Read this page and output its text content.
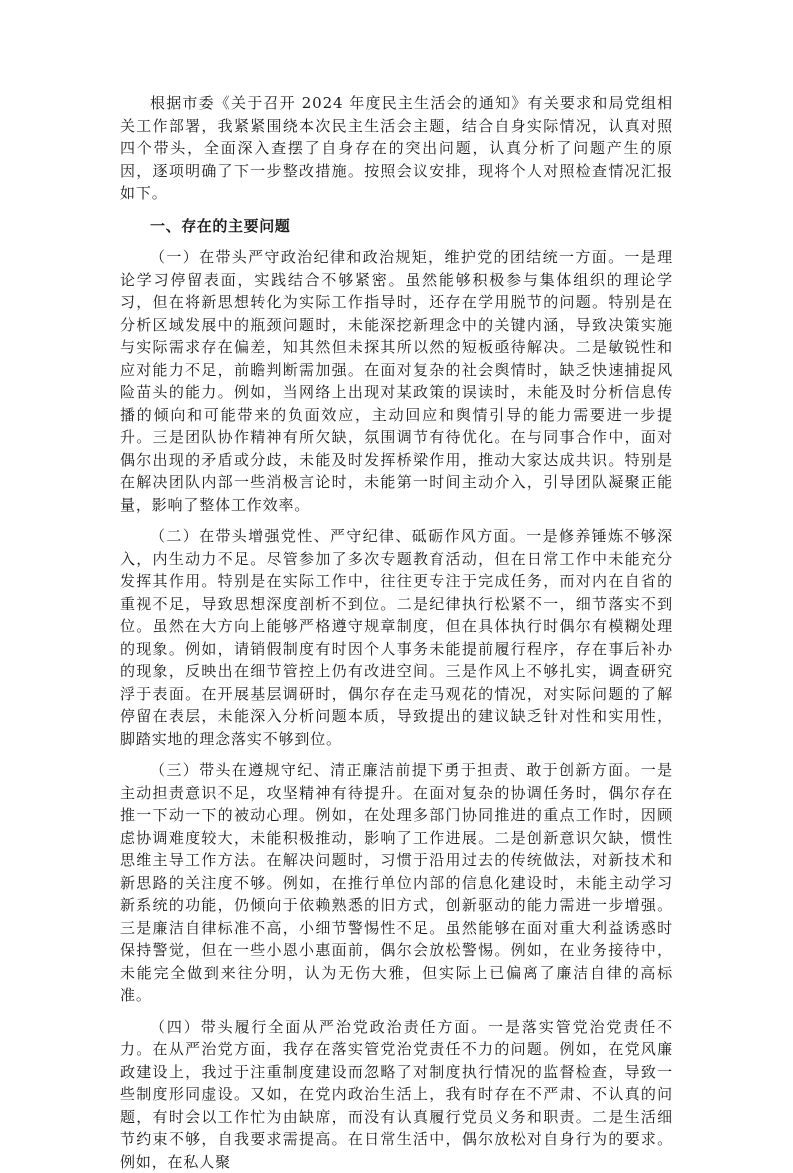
根据市委《关于召开 2024 年度民主生活会的通知》有关要求和局党组相关工作部署，我紧紧围绕本次民主生活会主题，结合自身实际情况，认真对照四个带头，全面深入查摆了自身存在的突出问题，认真分析了问题产生的原因，逐项明确了下一步整改措施。按照会议安排，现将个人对照检查情况汇报如下。

一、存在的主要问题

（一）在带头严守政治纪律和政治规矩，维护党的团结统一方面。一是理论学习停留表面，实践结合不够紧密。虽然能够积极参与集体组织的理论学习，但在将新思想转化为实际工作指导时，还存在学用脱节的问题。特别是在分析区域发展中的瓶颈问题时，未能深挖新理念中的关键内涵，导致决策实施与实际需求存在偏差，知其然但未探其所以然的短板亟待解决。二是敏锐性和应对能力不足，前瞻判断需加强。在面对复杂的社会舆情时，缺乏快速捕捉风险苗头的能力。例如，当网络上出现对某政策的误读时，未能及时分析信息传播的倾向和可能带来的负面效应，主动回应和舆情引导的能力需要进一步提升。三是团队协作精神有所欠缺，氛围调节有待优化。在与同事合作中，面对偶尔出现的矛盾或分歧，未能及时发挥桥梁作用，推动大家达成共识。特别是在解决团队内部一些消极言论时，未能第一时间主动介入，引导团队凝聚正能量，影响了整体工作效率。

（二）在带头增强党性、严守纪律、砥砺作风方面。一是修养锤炼不够深入，内生动力不足。尽管参加了多次专题教育活动，但在日常工作中未能充分发挥其作用。特别是在实际工作中，往往更专注于完成任务，而对内在自省的重视不足，导致思想深度剖析不到位。二是纪律执行松紧不一，细节落实不到位。虽然在大方向上能够严格遵守规章制度，但在具体执行时偶尔有模糊处理的现象。例如，请销假制度有时因个人事务未能提前履行程序，存在事后补办的现象，反映出在细节管控上仍有改进空间。三是作风上不够扎实，调查研究浮于表面。在开展基层调研时，偶尔存在走马观花的情况，对实际问题的了解停留在表层，未能深入分析问题本质，导致提出的建议缺乏针对性和实用性，脚踏实地的理念落实不够到位。

（三）带头在遵规守纪、清正廉洁前提下勇于担责、敢于创新方面。一是主动担责意识不足，攻坚精神有待提升。在面对复杂的协调任务时，偶尔存在推一下动一下的被动心理。例如，在处理多部门协同推进的重点工作时，因顾虑协调难度较大，未能积极推动，影响了工作进展。二是创新意识欠缺，惯性思维主导工作方法。在解决问题时，习惯于沿用过去的传统做法，对新技术和新思路的关注度不够。例如，在推行单位内部的信息化建设时，未能主动学习新系统的功能，仍倾向于依赖熟悉的旧方式，创新驱动的能力需进一步增强。三是廉洁自律标准不高，小细节警惕性不足。虽然能够在面对重大利益诱惑时保持警觉，但在一些小恩小惠面前，偶尔会放松警惕。例如，在业务接待中，未能完全做到来往分明，认为无伤大雅，但实际上已偏离了廉洁自律的高标准。

（四）带头履行全面从严治党政治责任方面。一是落实管党治党责任不力。在从严治党方面，我存在落实管党治党责任不力的问题。例如，在党风廉政建设上，我过于注重制度建设而忽略了对制度执行情况的监督检查，导致一些制度形同虚设。又如，在党内政治生活上，我有时存在不严肃、不认真的问题，有时会以工作忙为由缺席，而没有认真履行党员义务和职责。二是生活细节约束不够，自我要求需提高。在日常生活中，偶尔放松对自身行为的要求。例如，在私人聚
